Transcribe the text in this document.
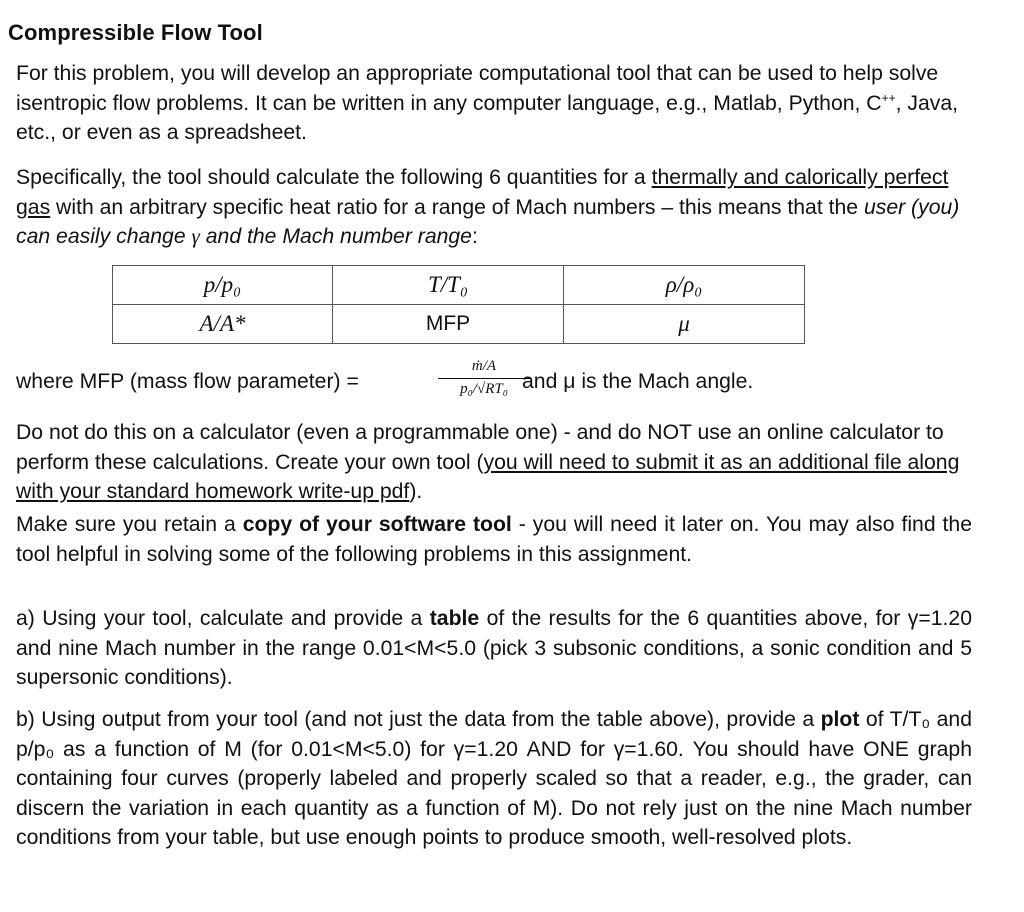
Compressible Flow Tool
For this problem, you will develop an appropriate computational tool that can be used to help solve isentropic flow problems. It can be written in any computer language, e.g., Matlab, Python, C++, Java, etc., or even as a spreadsheet.
Specifically, the tool should calculate the following 6 quantities for a thermally and calorically perfect gas with an arbitrary specific heat ratio for a range of Mach numbers – this means that the user (you) can easily change γ and the Mach number range:
p/p₀	T/T₀	ρ/ρ₀
A/A*	MFP	μ
where MFP (mass flow parameter) =
ṁ/A
p₀/√RT₀ and μ is the Mach angle.
Do not do this on a calculator (even a programmable one) - and do NOT use an online calculator to perform these calculations. Create your own tool (you will need to submit it as an additional file along with your standard homework write-up pdf).
Make sure you retain a copy of your software tool - you will need it later on. You may also find the tool helpful in solving some of the following problems in this assignment.
a) Using your tool, calculate and provide a table of the results for the 6 quantities above, for γ=1.20 and nine Mach number in the range 0.01<M<5.0 (pick 3 subsonic conditions, a sonic condition and 5 supersonic conditions).
b) Using output from your tool (and not just the data from the table above), provide a plot of T/T₀ and p/p₀ as a function of M (for 0.01<M<5.0) for γ=1.20 AND for γ=1.60. You should have ONE graph containing four curves (properly labeled and properly scaled so that a reader, e.g., the grader, can discern the variation in each quantity as a function of M). Do not rely just on the nine Mach number conditions from your table, but use enough points to produce smooth, well-resolved plots.
